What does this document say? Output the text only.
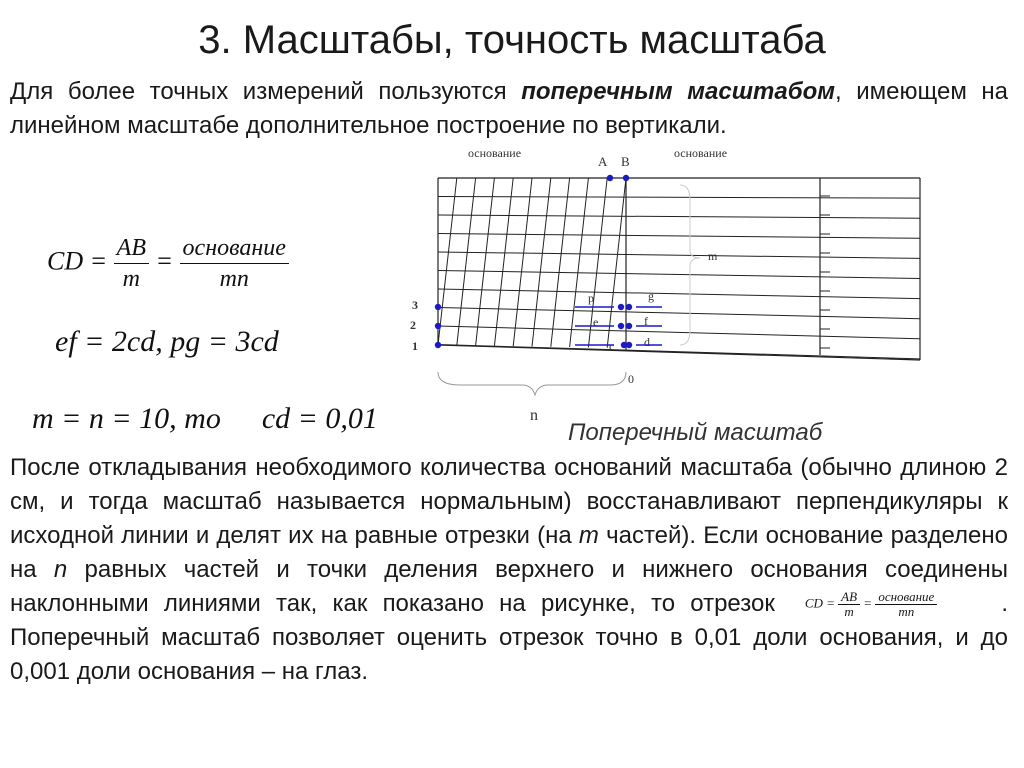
3. Масштабы, точность масштаба
Для более точных измерений пользуются поперечным масштабом, имеющем на линейном масштабе дополнительное построение по вертикали.
CD = $\frac{AB}{m} = \frac{\text{основание}}{mn}$
ef = 2cd, pg = 3cd
m = n = 10, то cd = 0,01
основание	основание
A B
m
n
0
p	g
e	f
c d
1
2
3
Поперечный масштаб
После откладывания необходимого количества оснований масштаба (обычно длиною 2 см, и тогда масштаб называется нормальным) восстанавливают перпендикуляры к исходной линии и делят их на равные отрезки (на m частей). Если основание разделено на n равных частей и точки деления верхнего и нижнего основания соединены наклонными линиями так, как показано на рисунке, то отрезок CD = $\frac{AB}{m} = \frac{\text{основание}}{mn}$	. Поперечный масштаб позволяет оценить отрезок точно в 0,01 доли основания, и до 0,001 доли основания – на глаз.
